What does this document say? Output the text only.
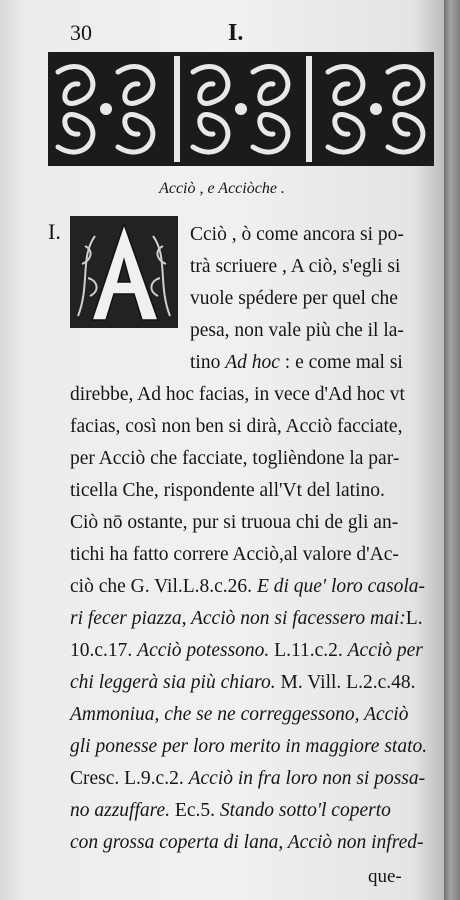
30	I.
Acciò , e Acciòche .
I.	Cciò , ò come ancora si po-
trà scriuere , A ciò, s'egli si
vuole spédere per quel che
pesa, non vale più che il la-
tino Ad hoc : e come mal si
direbbe, Ad hoc facias, in vece d'Ad hoc vt
facias, così non ben si dirà, Acciò facciate,
per Acciò che facciate, toglièndone la par-
ticella Che, rispondente all'Vt del latino.
Ciò nō ostante, pur si truoua chi de gli an-
tichi ha fatto correre Acciò,al valore d'Ac-
ciò che G. Vil.L.8.c.26. E di que' loro casola-
ri fecer piazza, Acciò non si facessero mai:L.
10.c.17. Acciò potessono. L.11.c.2. Acciò per
chi leggerà sia più chiaro. M. Vill. L.2.c.48.
Ammoniua, che se ne correggessono, Acciò
gli ponesse per loro merito in maggiore stato.
Cresc. L.9.c.2. Acciò in fra loro non si possa-
no azzuffare. Ec.5. Stando sotto'l coperto
con grossa coperta di lana, Acciò non infred-
que-
